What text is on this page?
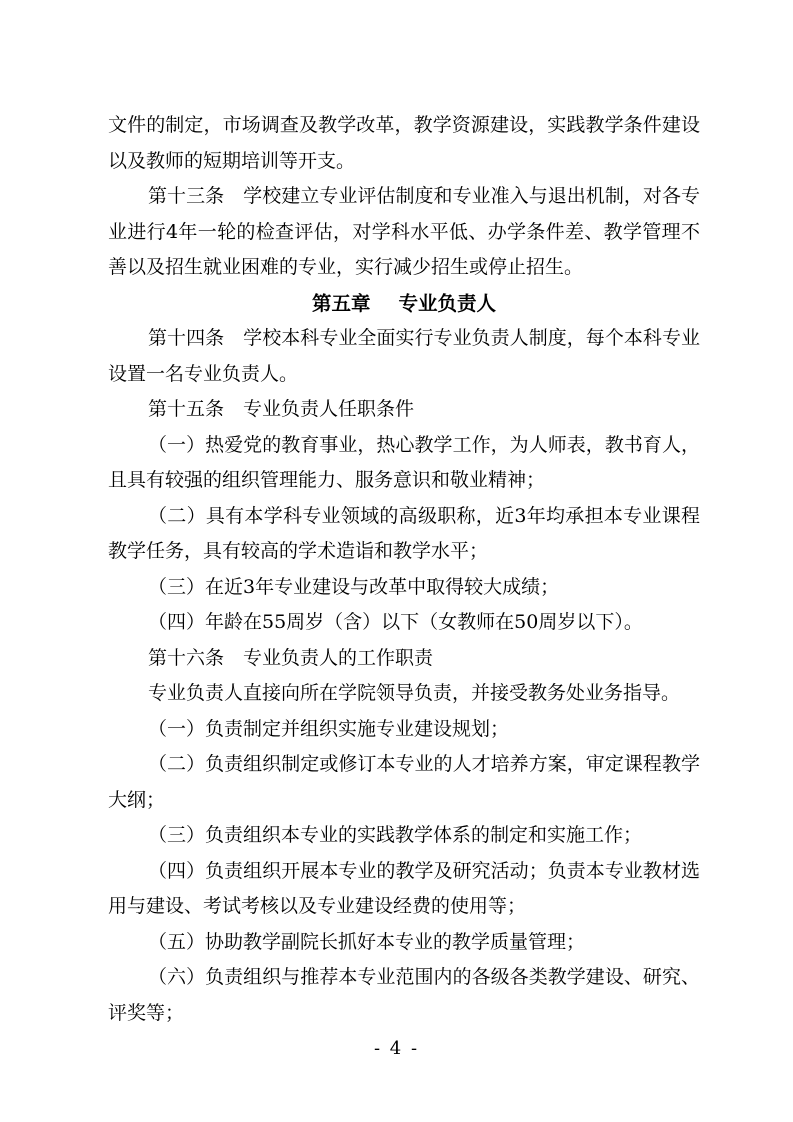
文件的制定，市场调查及教学改革，教学资源建设，实践教学条件建设以及教师的短期培训等开支。

第十三条　学校建立专业评估制度和专业准入与退出机制，对各专业进行4年一轮的检查评估，对学科水平低、办学条件差、教学管理不善以及招生就业困难的专业，实行减少招生或停止招生。

第五章 专业负责人

第十四条　学校本科专业全面实行专业负责人制度，每个本科专业设置一名专业负责人。

第十五条　专业负责人任职条件

（一）热爱党的教育事业，热心教学工作，为人师表，教书育人，且具有较强的组织管理能力、服务意识和敬业精神；

（二）具有本学科专业领域的高级职称，近3年均承担本专业课程教学任务，具有较高的学术造诣和教学水平；

（三）在近3年专业建设与改革中取得较大成绩；

（四）年龄在55周岁（含）以下（女教师在50周岁以下）。

第十六条　专业负责人的工作职责

专业负责人直接向所在学院领导负责，并接受教务处业务指导。

（一）负责制定并组织实施专业建设规划；

（二）负责组织制定或修订本专业的人才培养方案，审定课程教学大纲；

（三）负责组织本专业的实践教学体系的制定和实施工作；

（四）负责组织开展本专业的教学及研究活动；负责本专业教材选用与建设、考试考核以及专业建设经费的使用等；

（五）协助教学副院长抓好本专业的教学质量管理；

（六）负责组织与推荐本专业范围内的各级各类教学建设、研究、评奖等；

- 4 -
